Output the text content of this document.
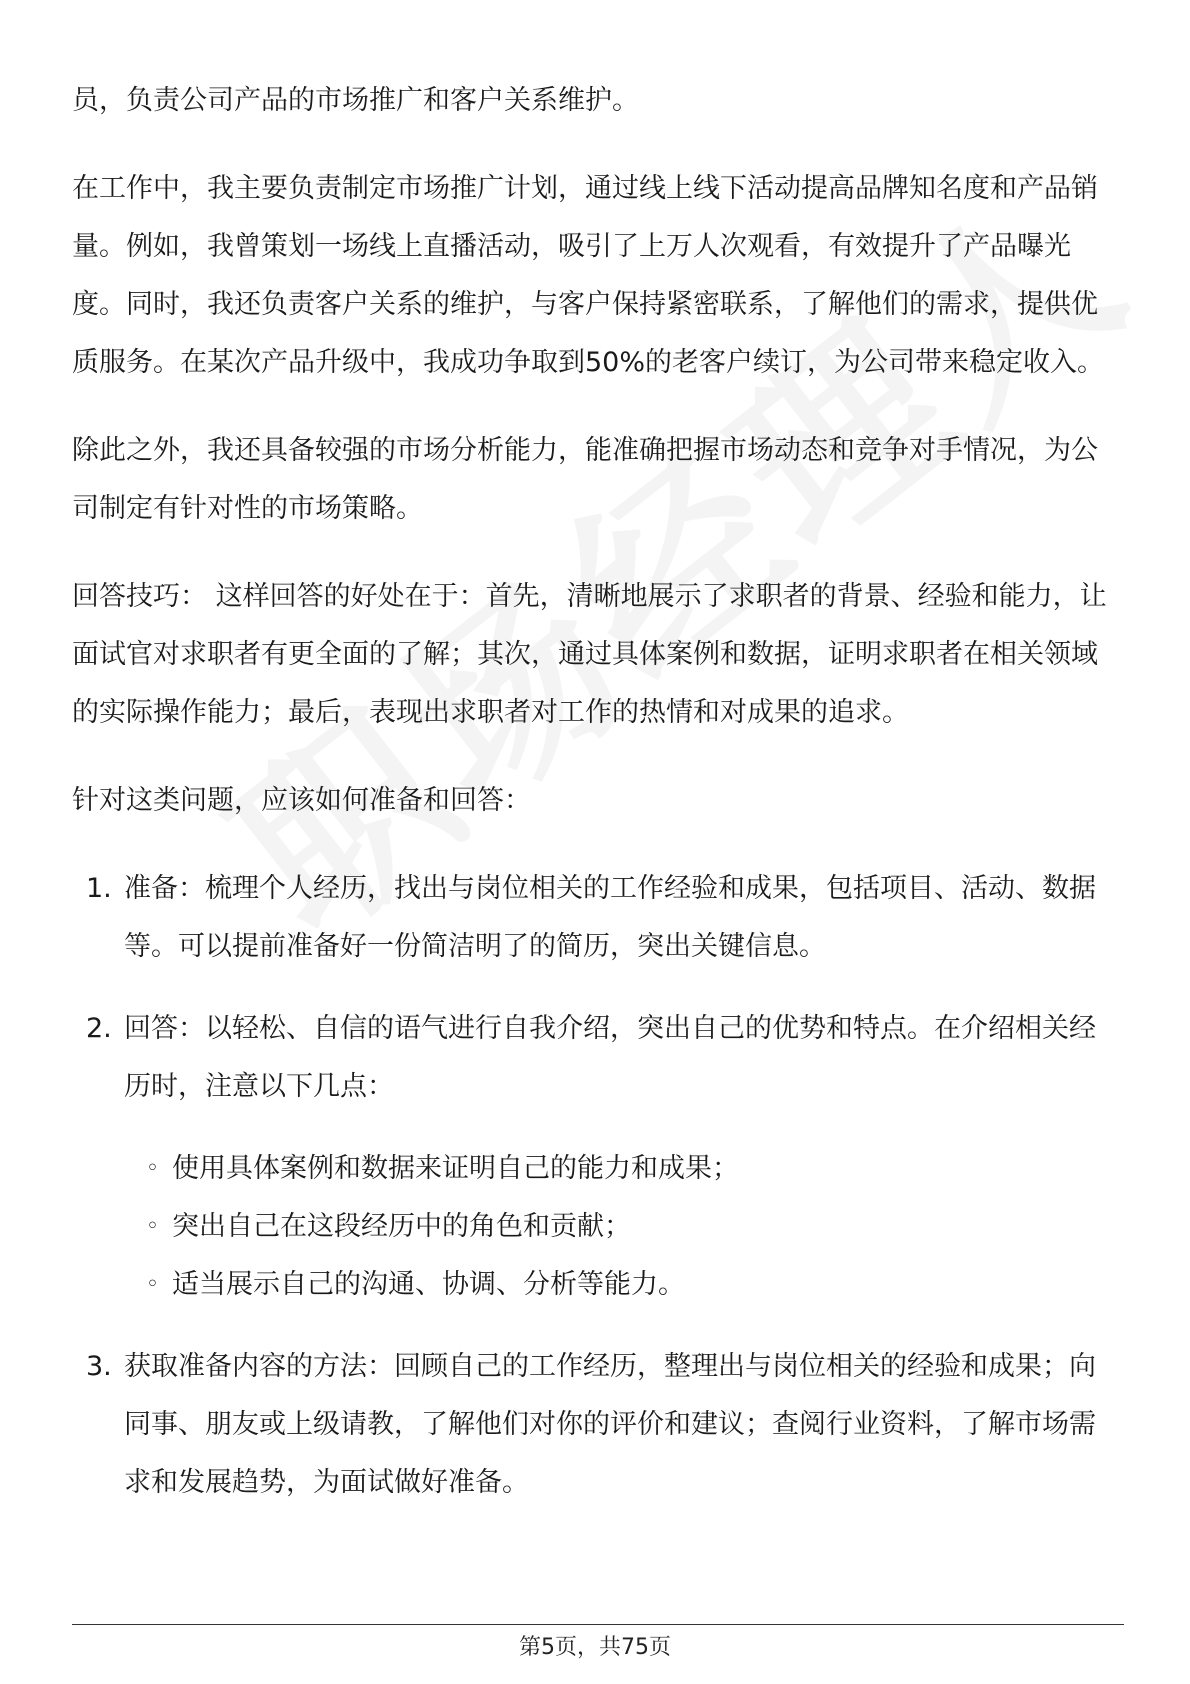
员，负责公司产品的市场推广和客户关系维护。

在工作中，我主要负责制定市场推广计划，通过线上线下活动提高品牌知名度和产品销量。例如，我曾策划一场线上直播活动，吸引了上万人次观看，有效提升了产品曝光度。同时，我还负责客户关系的维护，与客户保持紧密联系，了解他们的需求，提供优质服务。在某次产品升级中，我成功争取到50%的老客户续订，为公司带来稳定收入。

除此之外，我还具备较强的市场分析能力，能准确把握市场动态和竞争对手情况，为公司制定有针对性的市场策略。

回答技巧： 这样回答的好处在于：首先，清晰地展示了求职者的背景、经验和能力，让面试官对求职者有更全面的了解；其次，通过具体案例和数据，证明求职者在相关领域的实际操作能力；最后，表现出求职者对工作的热情和对成果的追求。

针对这类问题，应该如何准备和回答：

1. 准备：梳理个人经历，找出与岗位相关的工作经验和成果，包括项目、活动、数据等。可以提前准备好一份简洁明了的简历，突出关键信息。
2. 回答：以轻松、自信的语气进行自我介绍，突出自己的优势和特点。在介绍相关经历时，注意以下几点：
◦ 使用具体案例和数据来证明自己的能力和成果；
◦ 突出自己在这段经历中的角色和贡献；
◦ 适当展示自己的沟通、协调、分析等能力。
3. 获取准备内容的方法：回顾自己的工作经历，整理出与岗位相关的经验和成果；向同事、朋友或上级请教，了解他们对你的评价和建议；查阅行业资料，了解市场需求和发展趋势，为面试做好准备。
第5页，共75页
